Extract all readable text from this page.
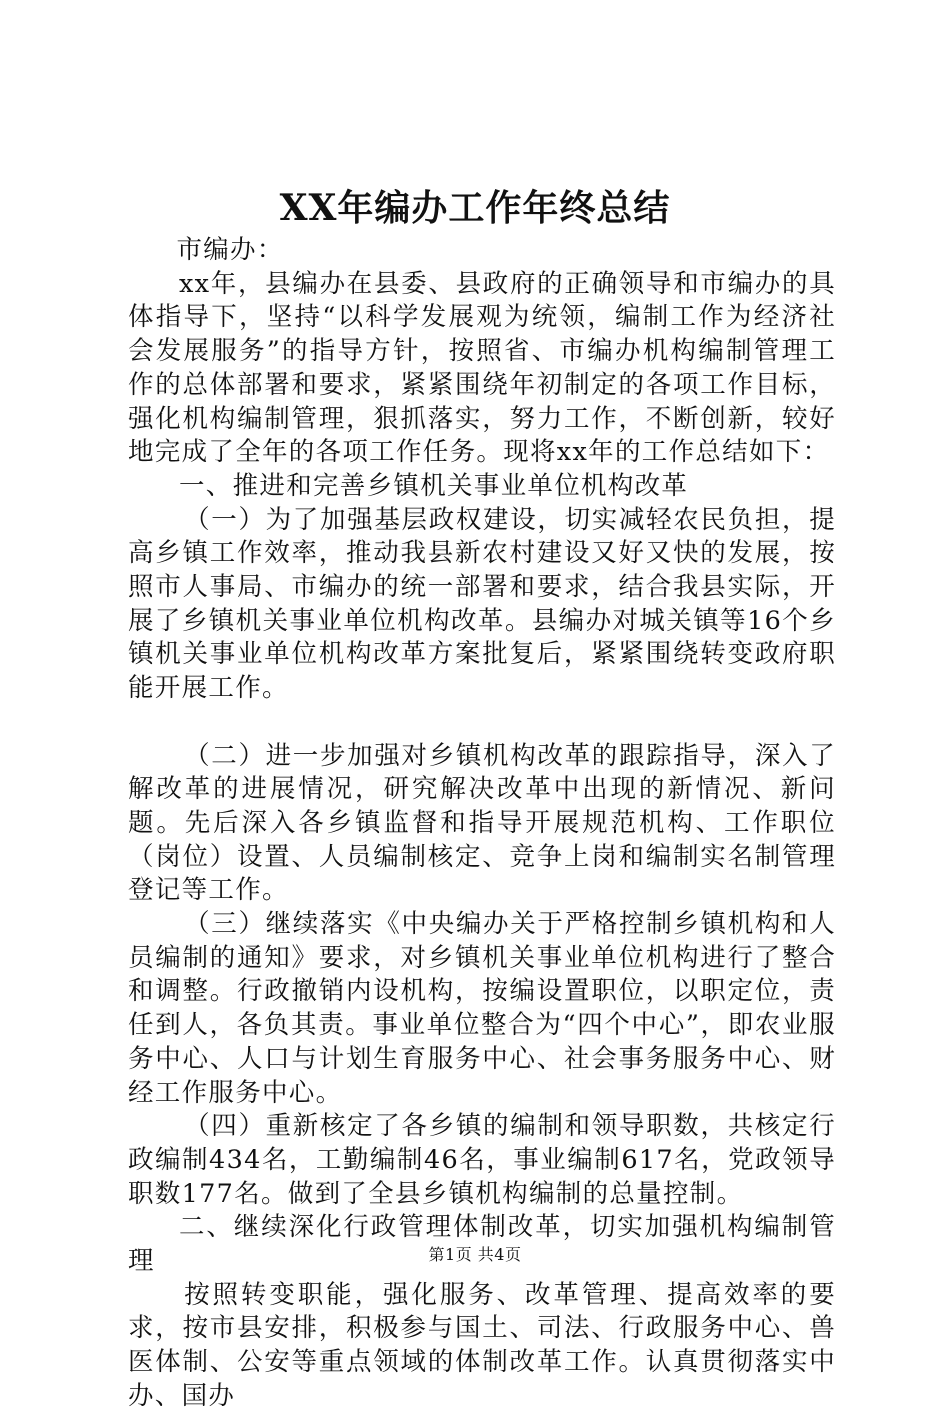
XX年编办工作年终总结

市编办：

xx年，县编办在县委、县政府的正确领导和市编办的具体指导下，坚持“以科学发展观为统领，编制工作为经济社会发展服务”的指导方针，按照省、市编办机构编制管理工作的总体部署和要求，紧紧围绕年初制定的各项工作目标，强化机构编制管理，狠抓落实，努力工作，不断创新，较好地完成了全年的各项工作任务。现将xx年的工作总结如下：

一、推进和完善乡镇机关事业单位机构改革

（一）为了加强基层政权建设，切实减轻农民负担，提高乡镇工作效率，推动我县新农村建设又好又快的发展，按照市人事局、市编办的统一部署和要求，结合我县实际，开展了乡镇机关事业单位机构改革。县编办对城关镇等16个乡镇机关事业单位机构改革方案批复后，紧紧围绕转变政府职能开展工作。

（二）进一步加强对乡镇机构改革的跟踪指导，深入了解改革的进展情况，研究解决改革中出现的新情况、新问题。先后深入各乡镇监督和指导开展规范机构、工作职位（岗位）设置、人员编制核定、竞争上岗和编制实名制管理登记等工作。

（三）继续落实《中央编办关于严格控制乡镇机构和人员编制的通知》要求，对乡镇机关事业单位机构进行了整合和调整。行政撤销内设机构，按编设置职位，以职定位，责任到人，各负其责。事业单位整合为“四个中心”，即农业服务中心、人口与计划生育服务中心、社会事务服务中心、财经工作服务中心。

（四）重新核定了各乡镇的编制和领导职数，共核定行政编制434名，工勤编制46名，事业编制617名，党政领导职数177名。做到了全县乡镇机构编制的总量控制。

二、继续深化行政管理体制改革，切实加强机构编制管理

按照转变职能，强化服务、改革管理、提高效率的要求，按市县安排，积极参与国土、司法、行政服务中心、兽医体制、公安等重点领域的体制改革工作。认真贯彻落实中办、国办

第1页 共4页
